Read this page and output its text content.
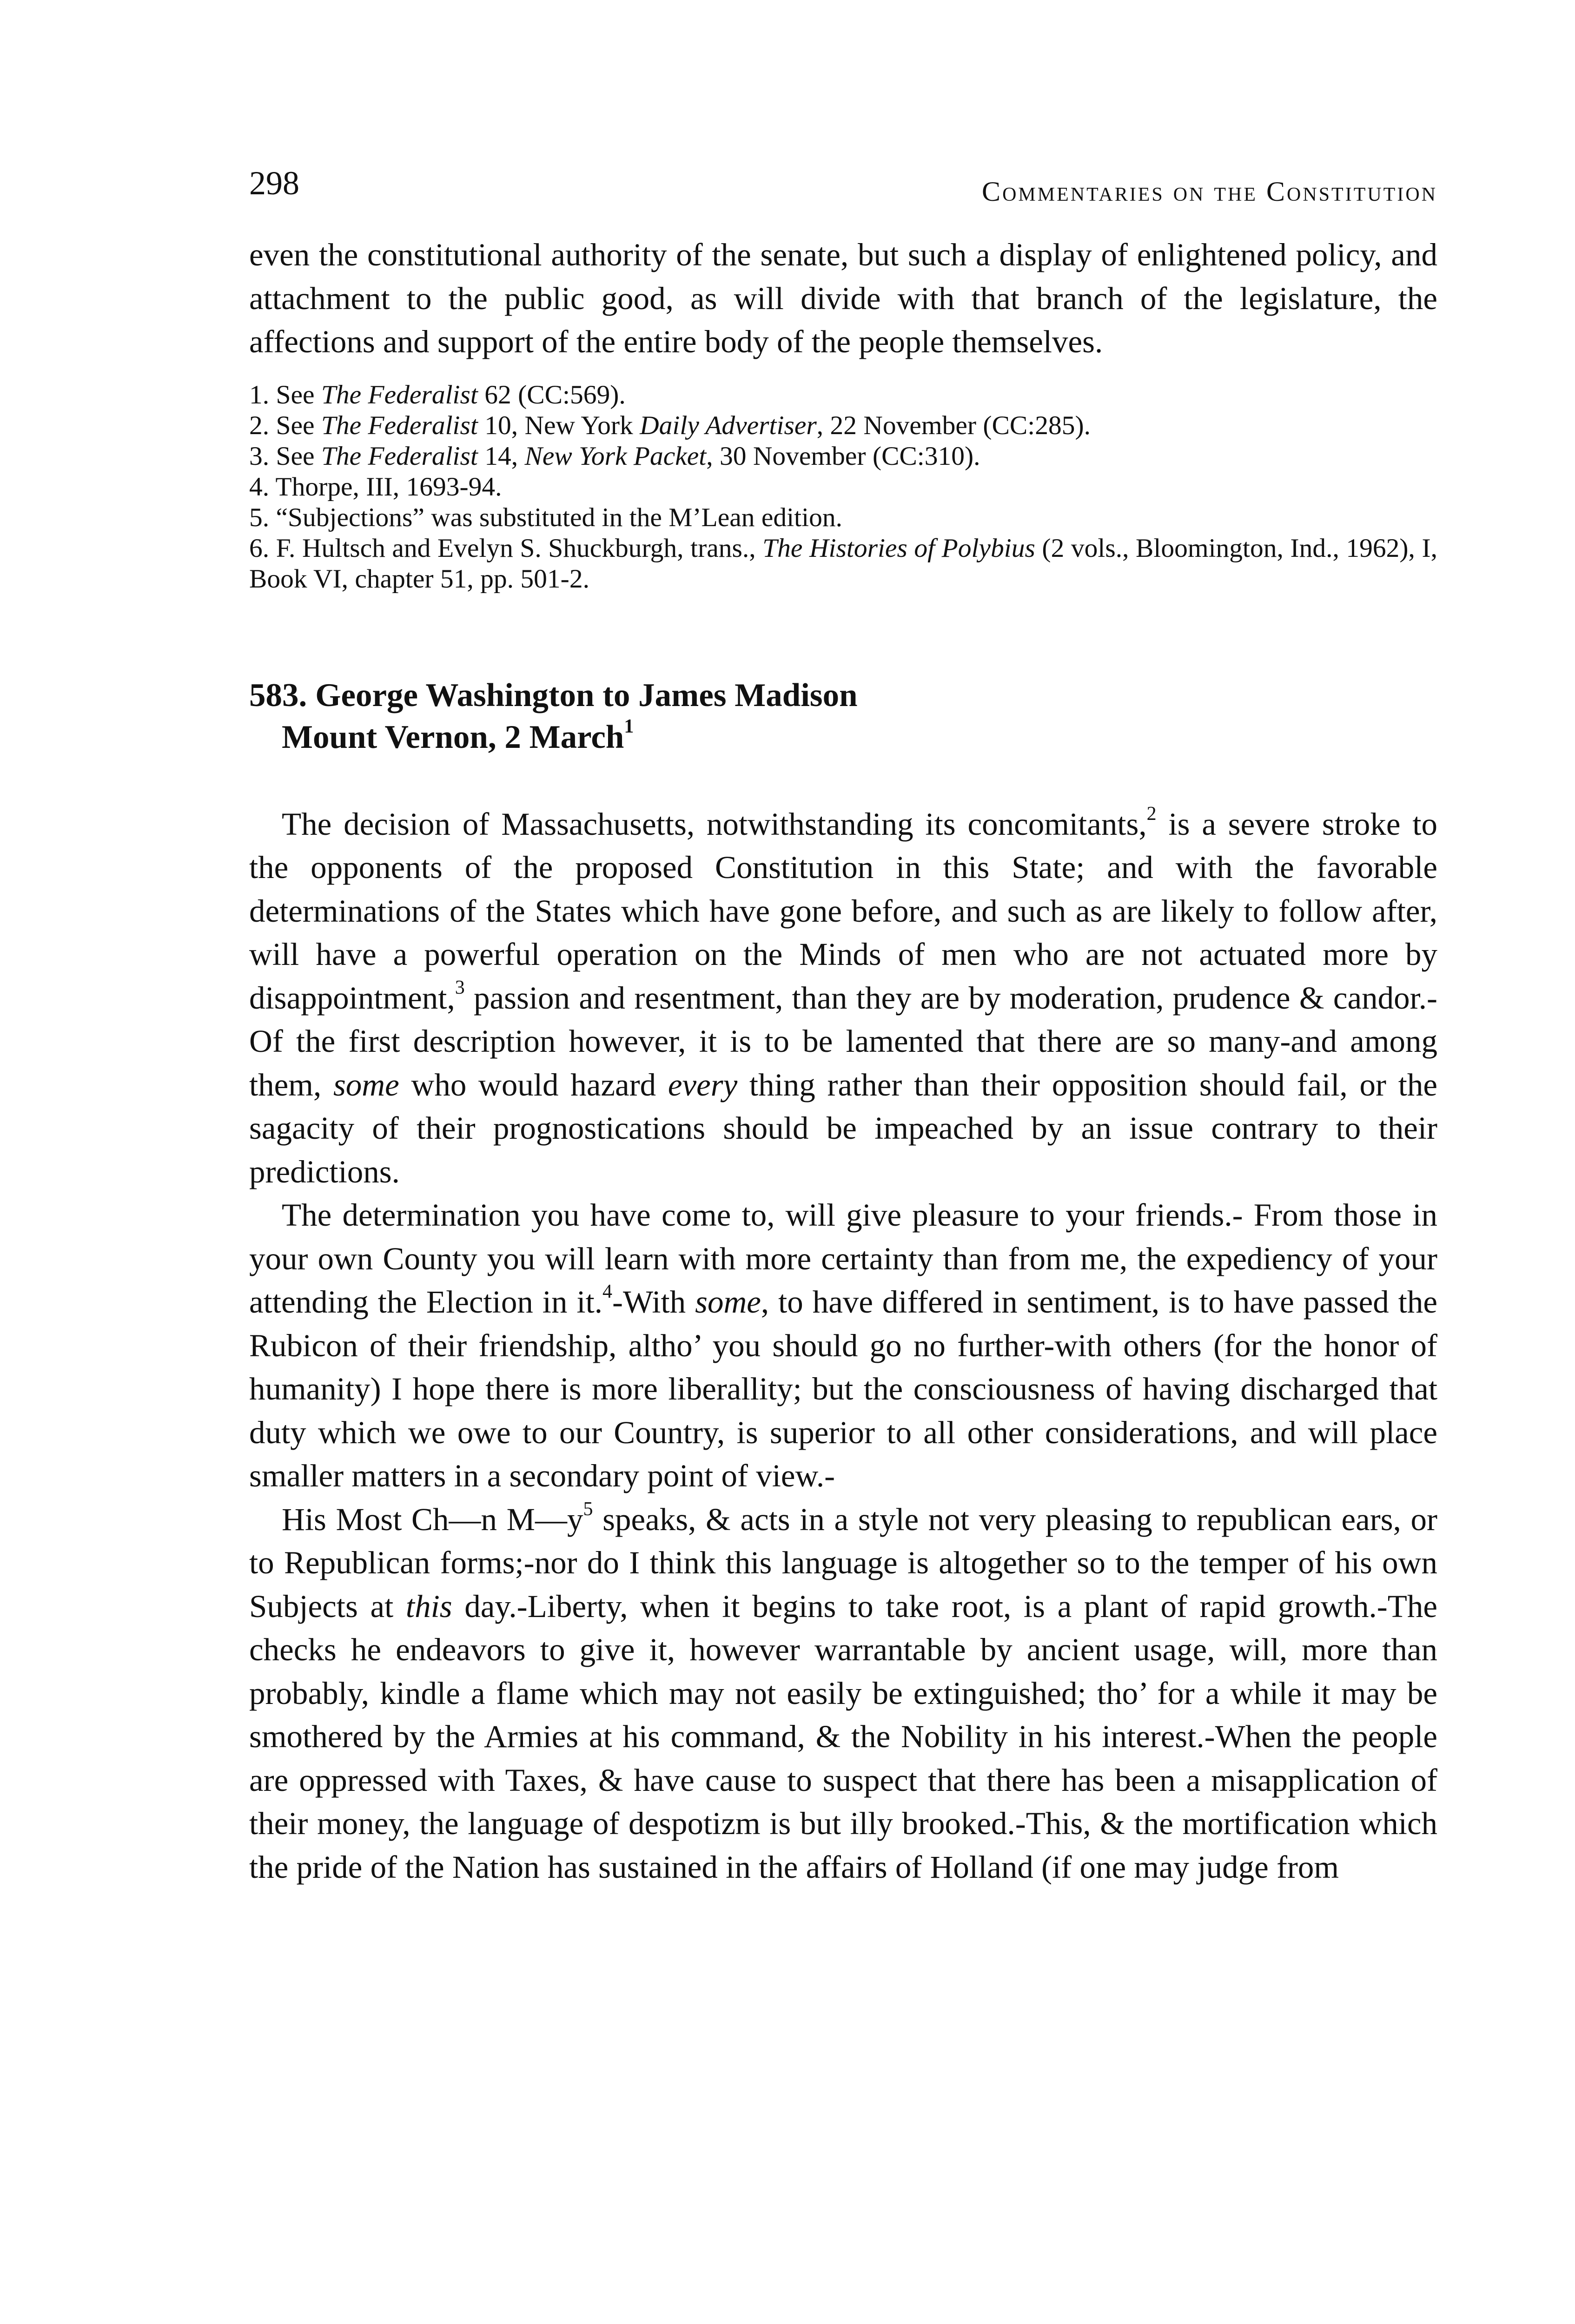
298	Commentaries on the Constitution

even the constitutional authority of the senate, but such a display of enlightened policy, and attachment to the public good, as will divide with that branch of the legislature, the affections and support of the entire body of the people themselves.

1. See The Federalist 62 (CC:569).

2. See The Federalist 10, New York Daily Advertiser, 22 November (CC:285).

3. See The Federalist 14, New York Packet, 30 November (CC:310).

4. Thorpe, III, 1693-94.

5. “Subjections” was substituted in the M’Lean edition.

6. F. Hultsch and Evelyn S. Shuckburgh, trans., The Histories of Polybius (2 vols., Bloomington, Ind., 1962), I, Book VI, chapter 51, pp. 501-2.

583. George Washington to James Madison
Mount Vernon, 2 March$^1$

The decision of Massachusetts, notwithstanding its concomitants,$^2$ is a severe stroke to the opponents of the proposed Constitution in this State; and with the favorable determinations of the States which have gone before, and such as are likely to follow after, will have a powerful operation on the Minds of men who are not actuated more by disappointment,$^3$ passion and resentment, than they are by moderation, prudence & candor.-Of the first description however, it is to be lamented that there are so many-and among them, some who would hazard every thing rather than their opposition should fail, or the sagacity of their prognostications should be impeached by an issue contrary to their predictions.

The determination you have come to, will give pleasure to your friends.- From those in your own County you will learn with more certainty than from me, the expediency of your attending the Election in it.$^4$-With some, to have differed in sentiment, is to have passed the Rubicon of their friendship, altho’ you should go no further-with others (for the honor of humanity) I hope there is more liberallity; but the consciousness of having discharged that duty which we owe to our Country, is superior to all other considerations, and will place smaller matters in a secondary point of view.-

His Most Ch—n $M—y^5$ speaks, & acts in a style not very pleasing to republican ears, or to Republican forms;-nor do I think this language is altogether so to the temper of his own Subjects at this day.-Liberty, when it begins to take root, is a plant of rapid growth.-The checks he endeavors to give it, however warrantable by ancient usage, will, more than probably, kindle a flame which may not easily be extinguished; tho’ for a while it may be smothered by the Armies at his command, & the Nobility in his interest.-When the people are oppressed with Taxes, & have cause to suspect that there has been a misapplication of their money, the language of despotizm is but illy brooked.-This, & the mortification which the pride of the Nation has sustained in the affairs of Holland (if one may judge from
